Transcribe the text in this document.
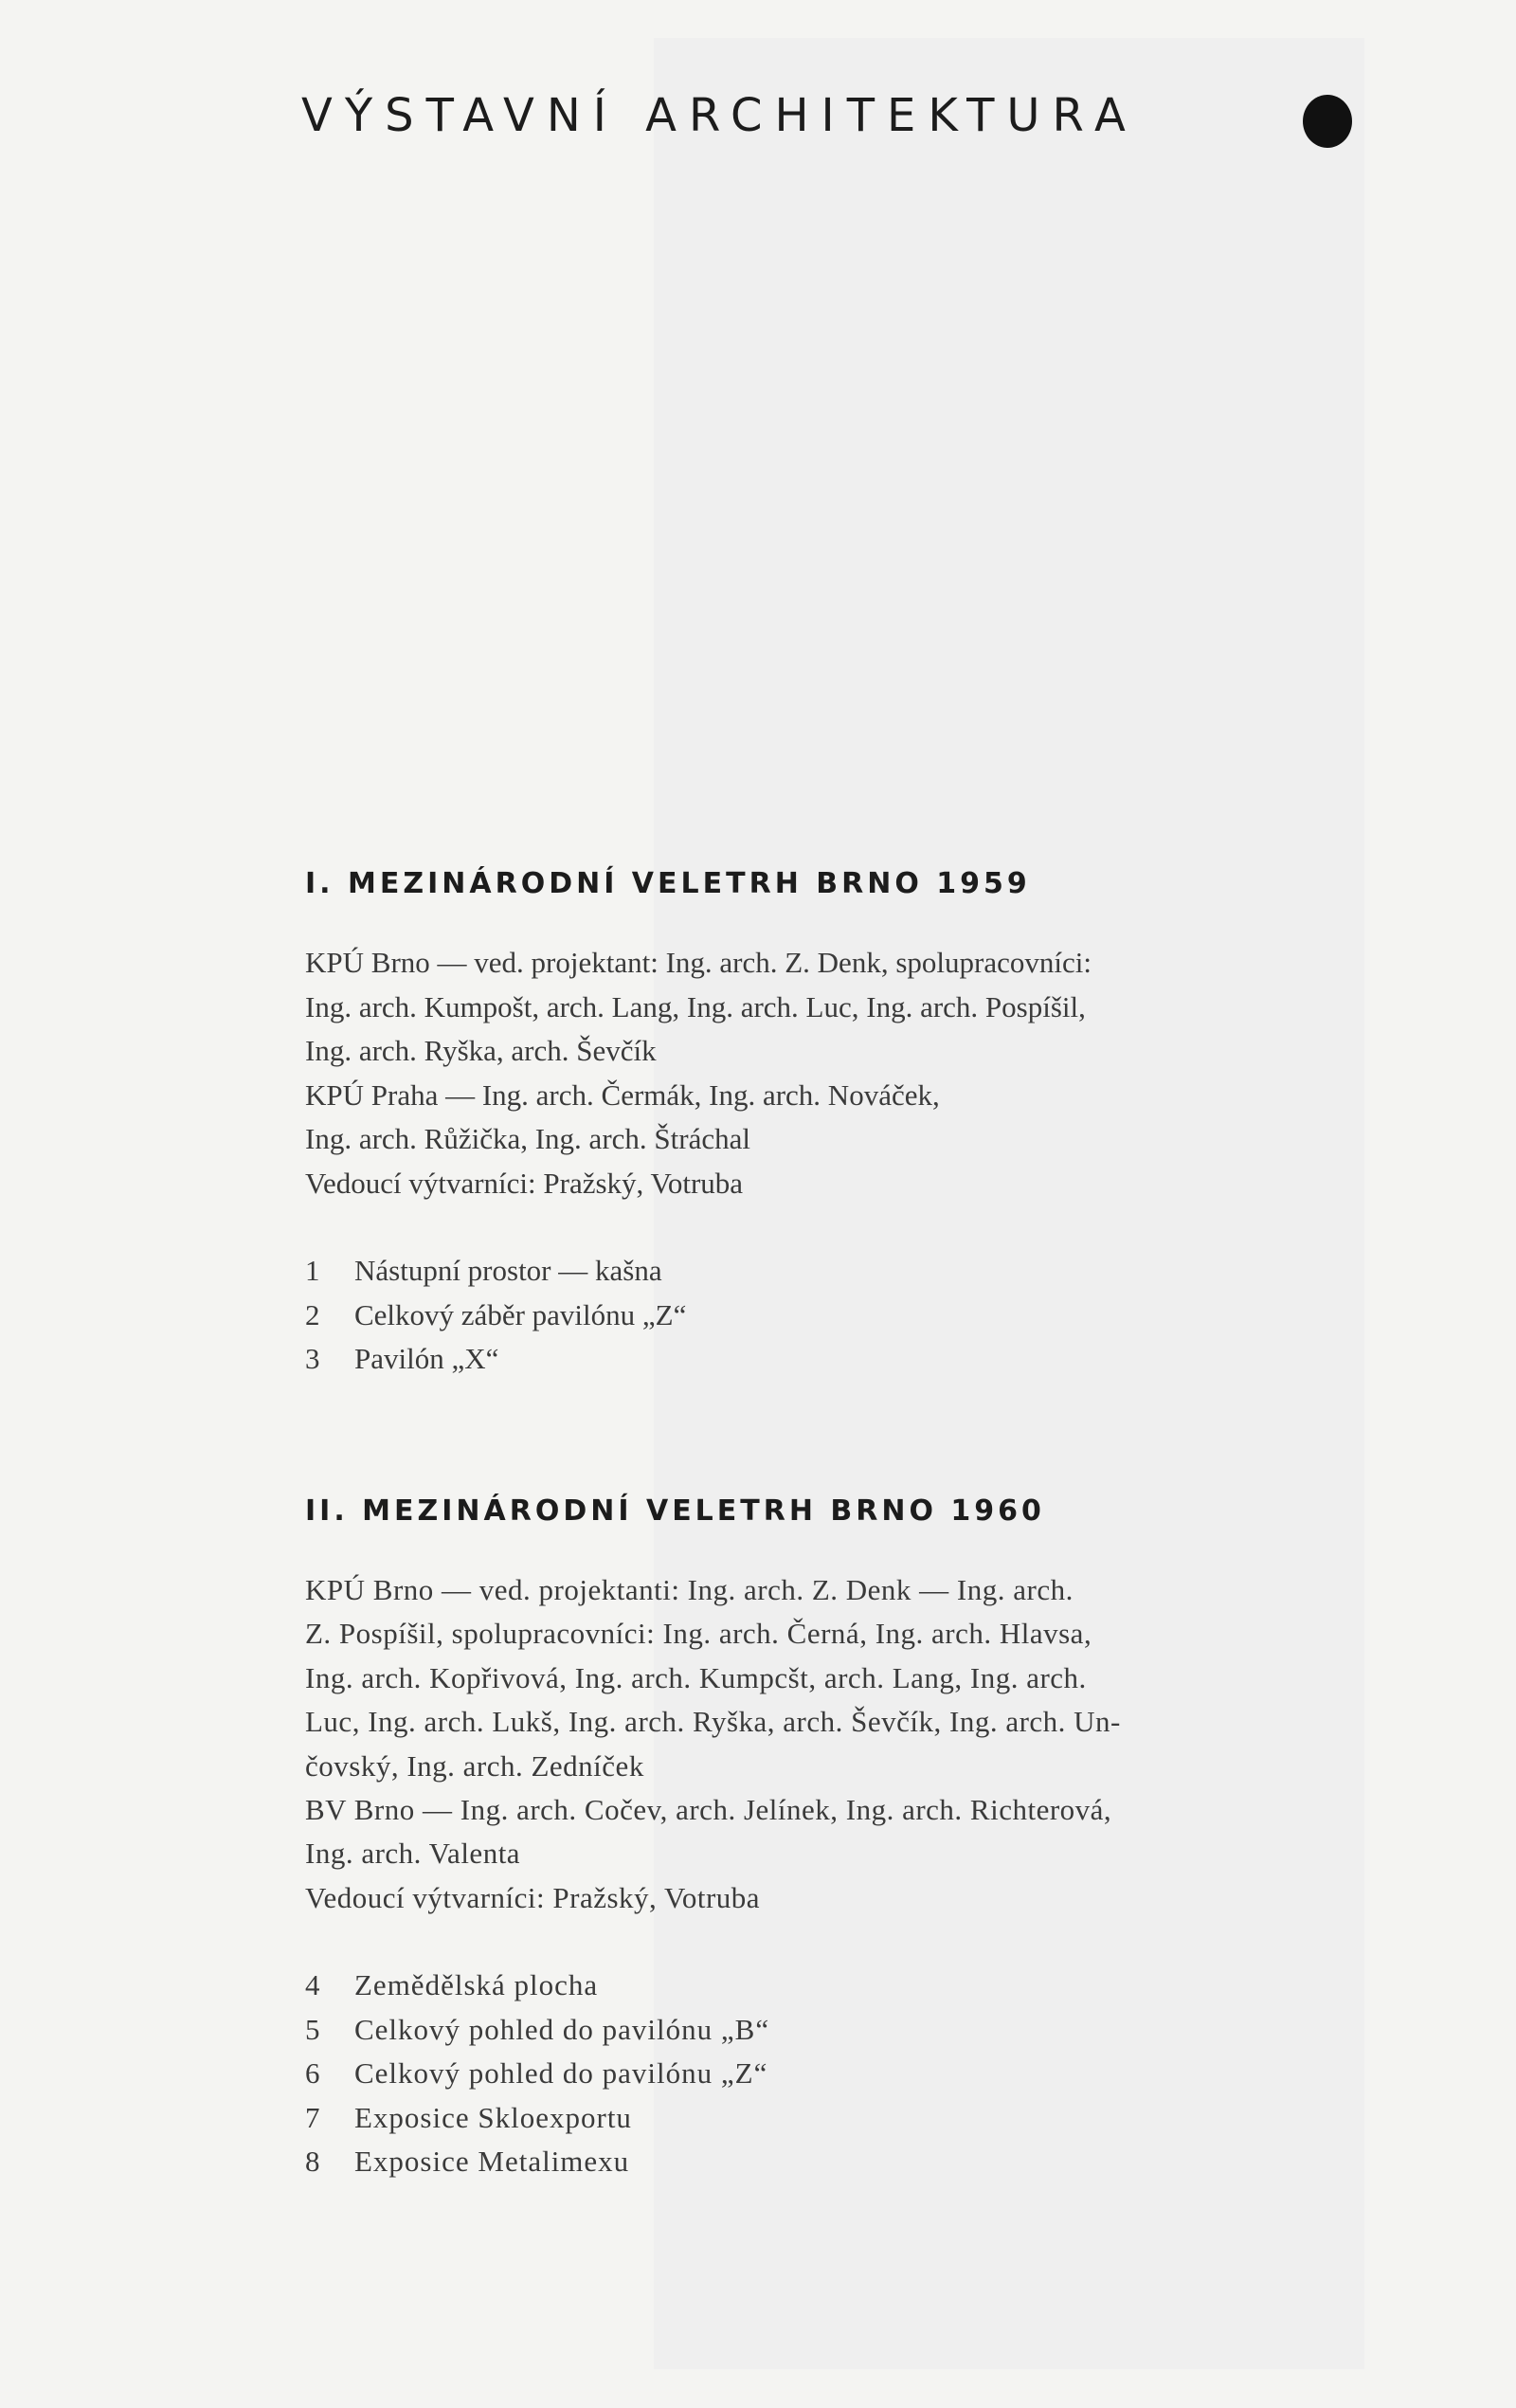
VÝSTAVNÍ ARCHITEKTURA
I. MEZINÁRODNÍ VELETRH BRNO 1959
KPÚ Brno — ved. projektant: Ing. arch. Z. Denk, spolupracovníci:
Ing. arch. Kumpošt, arch. Lang, Ing. arch. Luc, Ing. arch. Pospíšil,
Ing. arch. Ryška, arch. Ševčík
KPÚ Praha — Ing. arch. Čermák, Ing. arch. Nováček,
Ing. arch. Růžička, Ing. arch. Štráchal
Vedoucí výtvarníci: Pražský, Votruba
1 Nástupní prostor — kašna
2 Celkový záběr pavilónu „Z“
3 Pavilón „X“
II. MEZINÁRODNÍ VELETRH BRNO 1960
KPÚ Brno — ved. projektanti: Ing. arch. Z. Denk — Ing. arch.
Z. Pospíšil, spolupracovníci: Ing. arch. Černá, Ing. arch. Hlavsa,
Ing. arch. Kopřivová, Ing. arch. Kumpcšt, arch. Lang, Ing. arch.
Luc, Ing. arch. Lukš, Ing. arch. Ryška, arch. Ševčík, Ing. arch. Un-
čovský, Ing. arch. Zedníček
BV Brno — Ing. arch. Cočev, arch. Jelínek, Ing. arch. Richterová,
Ing. arch. Valenta
Vedoucí výtvarníci: Pražský, Votruba
4 Zemědělská plocha
5 Celkový pohled do pavilónu „B“
6 Celkový pohled do pavilónu „Z“
7 Exposice Skloexportu
8 Exposice Metalimexu
